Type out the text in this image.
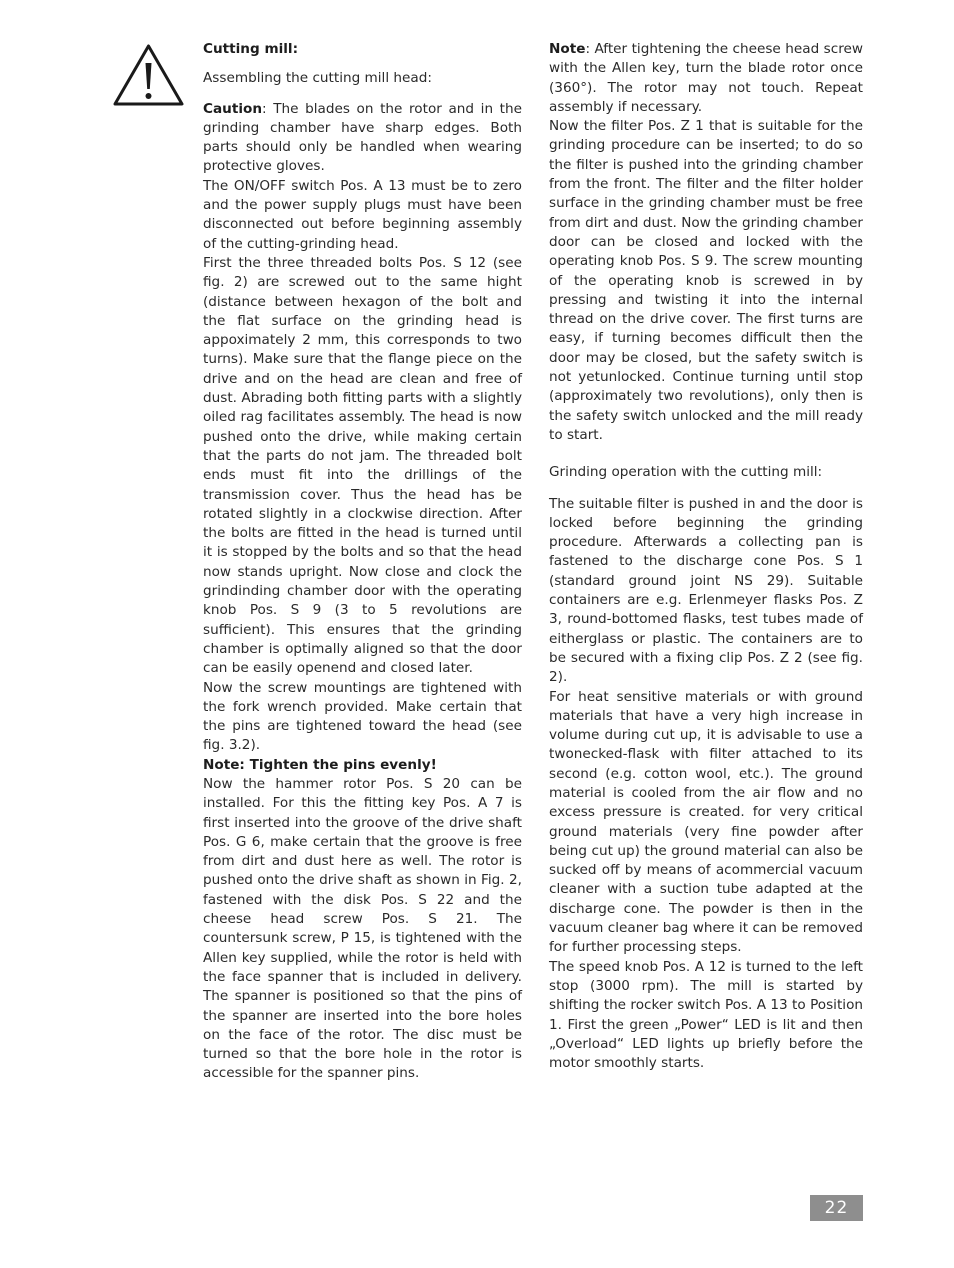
Cutting mill:

Assembling the cutting mill head:

Caution: The blades on the rotor and in the grinding chamber have sharp edges. Both parts should only be handled when wearing protective gloves.

The ON/OFF switch Pos. A 13 must be to zero and the power supply plugs must have been disconnected out before beginning assembly of the cutting-grinding head.

First the three threaded bolts Pos. S 12 (see fig. 2) are screwed out to the same hight (distance between hexagon of the bolt and the flat surface on the grinding head is appoximately 2 mm, this corresponds to two turns). Make sure that the flange piece on the drive and on the head are clean and free of dust. Abrading both fitting parts with a slightly oiled rag facilitates assembly. The head is now pushed onto the drive, while making certain that the parts do not jam. The threaded bolt ends must fit into the drillings of the transmission cover. Thus the head has be rotated slightly in a clockwise direction. After the bolts are fitted in the head is turned until it is stopped by the bolts and so that the head now stands upright. Now close and clock the grindinding chamber door with the operating knob Pos. S 9 (3 to 5 revolutions are sufficient). This ensures that the grinding chamber is optimally aligned so that the door can be easily openend and closed later.

Now the screw mountings are tightened with the fork wrench provided. Make certain that the pins are tightened toward the head (see fig. 3.2).

Note: Tighten the pins evenly!

Now the hammer rotor Pos. S 20 can be installed. For this the fitting key Pos. A 7 is first inserted into the groove of the drive shaft Pos. G 6, make certain that the groove is free from dirt and dust here as well. The rotor is pushed onto the drive shaft as shown in Fig. 2, fastened with the disk Pos. S 22 and the cheese head screw Pos. S 21. The countersunk screw, P 15, is tightened with the Allen key supplied, while the rotor is held with the face spanner that is included in delivery. The spanner is positioned so that the pins of the spanner are inserted into the bore holes on the face of the rotor. The disc must be turned so that the bore hole in the rotor is accessible for the spanner pins.

Note: After tightening the cheese head screw with the Allen key, turn the blade rotor once (360°). The rotor may not touch. Repeat assembly if necessary.

Now the filter Pos. Z 1 that is suitable for the grinding procedure can be inserted; to do so the filter is pushed into the grinding chamber from the front. The filter and the filter holder surface in the grinding chamber must be free from dirt and dust. Now the grinding chamber door can be closed and locked with the operating knob Pos. S 9. The screw mounting of the operating knob is screwed in by pressing and twisting it into the internal thread on the drive cover. The first turns are easy, if turning becomes difficult then the door may be closed, but the safety switch is not yetunlocked. Continue turning until stop (approximately two revolutions), only then is the safety switch unlocked and the mill ready to start.

Grinding operation with the cutting mill:

The suitable filter is pushed in and the door is locked before beginning the grinding procedure. Afterwards a collecting pan is fastened to the discharge cone Pos. S 1 (standard ground joint NS 29). Suitable containers are e.g. Erlenmeyer flasks Pos. Z 3, round-bottomed flasks, test tubes made of eitherglass or plastic. The containers are to be secured with a fixing clip Pos. Z 2 (see fig. 2).

For heat sensitive materials or with ground materials that have a very high increase in volume during cut up, it is advisable to use a twonecked-flask with filter attached to its second (e.g. cotton wool, etc.). The ground material is cooled from the air flow and no excess pressure is created. for very critical ground materials (very fine powder after being cut up) the ground material can also be sucked off by means of acommercial vacuum cleaner with a suction tube adapted at the discharge cone. The powder is then in the vacuum cleaner bag where it can be removed for further processing steps.

The speed knob Pos. A 12 is turned to the left stop (3000 rpm). The mill is started by shifting the rocker switch Pos. A 13 to Position 1. First the green „Power“ LED is lit and then „Overload“ LED lights up briefly before the motor smoothly starts.

22
